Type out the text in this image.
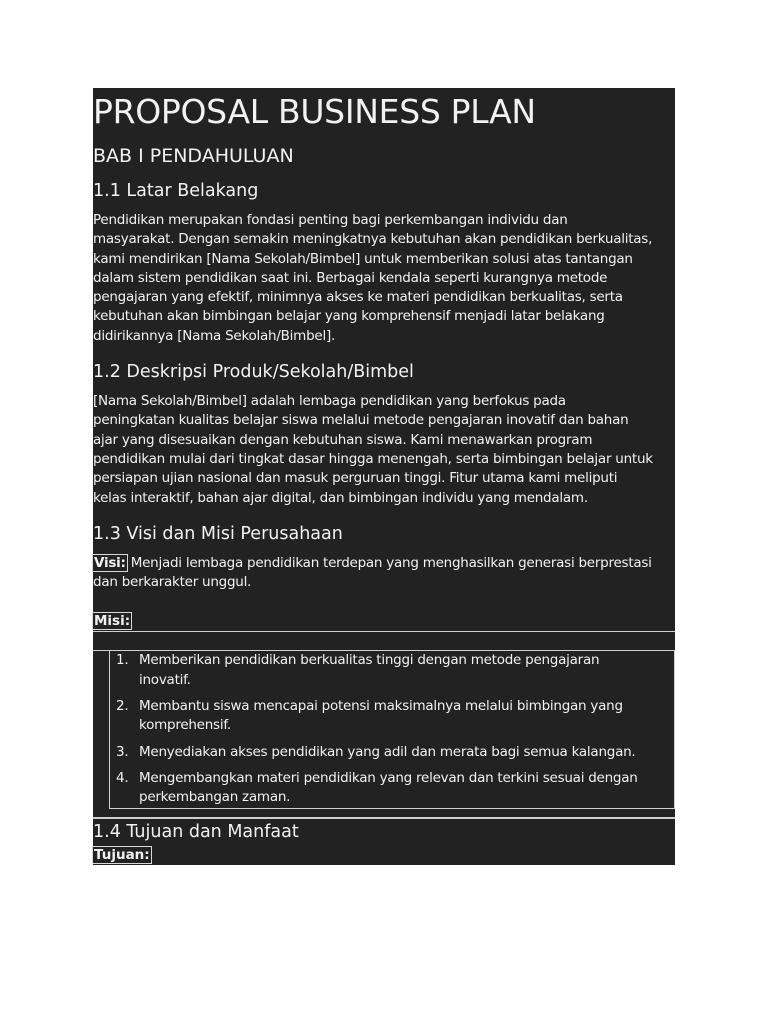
PROPOSAL BUSINESS PLAN
BAB I PENDAHULUAN
1.1 Latar Belakang

Pendidikan merupakan fondasi penting bagi perkembangan individu dan
masyarakat. Dengan semakin meningkatnya kebutuhan akan pendidikan berkualitas,
kami mendirikan [Nama Sekolah/Bimbel] untuk memberikan solusi atas tantangan
dalam sistem pendidikan saat ini. Berbagai kendala seperti kurangnya metode
pengajaran yang efektif, minimnya akses ke materi pendidikan berkualitas, serta
kebutuhan akan bimbingan belajar yang komprehensif menjadi latar belakang
didirikannya [Nama Sekolah/Bimbel].

1.2 Deskripsi Produk/Sekolah/Bimbel

[Nama Sekolah/Bimbel] adalah lembaga pendidikan yang berfokus pada
peningkatan kualitas belajar siswa melalui metode pengajaran inovatif dan bahan
ajar yang disesuaikan dengan kebutuhan siswa. Kami menawarkan program
pendidikan mulai dari tingkat dasar hingga menengah, serta bimbingan belajar untuk
persiapan ujian nasional dan masuk perguruan tinggi. Fitur utama kami meliputi
kelas interaktif, bahan ajar digital, dan bimbingan individu yang mendalam.

1.3 Visi dan Misi Perusahaan

Visi: Menjadi lembaga pendidikan terdepan yang menghasilkan generasi berprestasi
dan berkarakter unggul.

Misi:
1. Memberikan pendidikan berkualitas tinggi dengan metode pengajaran
inovatif.
2. Membantu siswa mencapai potensi maksimalnya melalui bimbingan yang
komprehensif.
3. Menyediakan akses pendidikan yang adil dan merata bagi semua kalangan.
4. Mengembangkan materi pendidikan yang relevan dan terkini sesuai dengan
perkembangan zaman.
1.4 Tujuan dan Manfaat
Tujuan:
